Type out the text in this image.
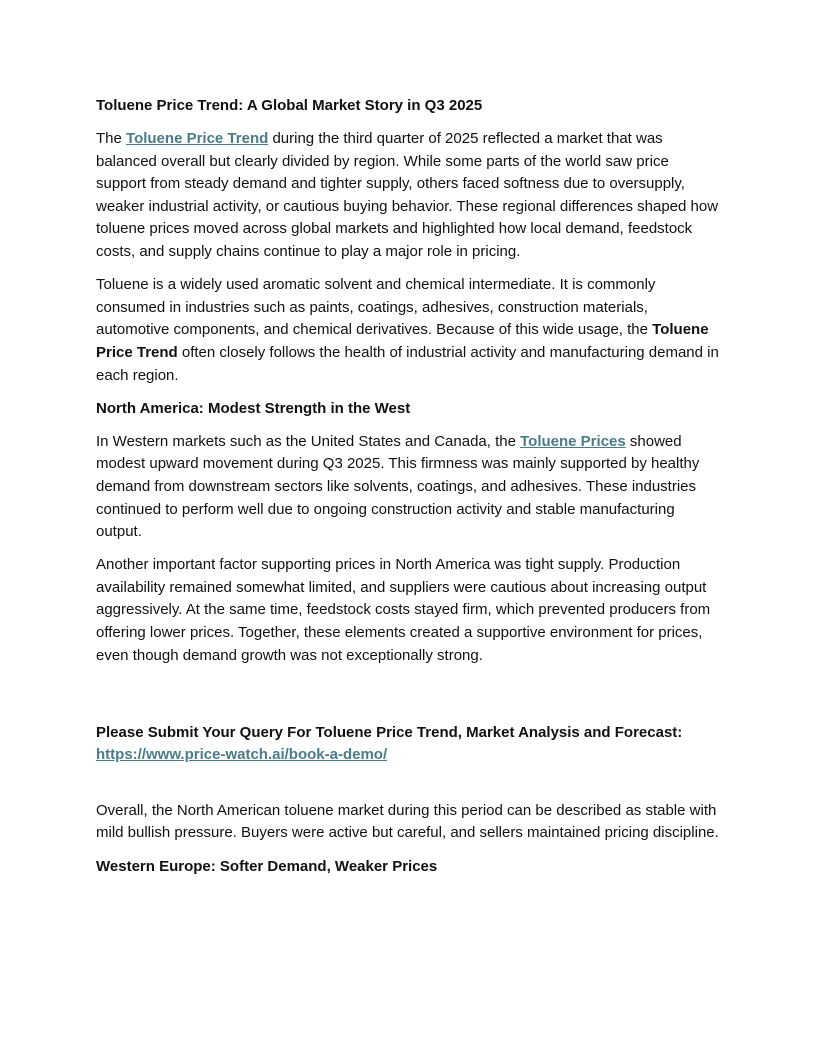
Toluene Price Trend: A Global Market Story in Q3 2025

The Toluene Price Trend during the third quarter of 2025 reflected a market that was balanced overall but clearly divided by region. While some parts of the world saw price support from steady demand and tighter supply, others faced softness due to oversupply, weaker industrial activity, or cautious buying behavior. These regional differences shaped how toluene prices moved across global markets and highlighted how local demand, feedstock costs, and supply chains continue to play a major role in pricing.

Toluene is a widely used aromatic solvent and chemical intermediate. It is commonly consumed in industries such as paints, coatings, adhesives, construction materials, automotive components, and chemical derivatives. Because of this wide usage, the Toluene Price Trend often closely follows the health of industrial activity and manufacturing demand in each region.

North America: Modest Strength in the West

In Western markets such as the United States and Canada, the Toluene Prices showed modest upward movement during Q3 2025. This firmness was mainly supported by healthy demand from downstream sectors like solvents, coatings, and adhesives. These industries continued to perform well due to ongoing construction activity and stable manufacturing output.

Another important factor supporting prices in North America was tight supply. Production availability remained somewhat limited, and suppliers were cautious about increasing output aggressively. At the same time, feedstock costs stayed firm, which prevented producers from offering lower prices. Together, these elements created a supportive environment for prices, even though demand growth was not exceptionally strong.

Please Submit Your Query For Toluene Price Trend, Market Analysis and Forecast: https://www.price-watch.ai/book-a-demo/

Overall, the North American toluene market during this period can be described as stable with mild bullish pressure. Buyers were active but careful, and sellers maintained pricing discipline.

Western Europe: Softer Demand, Weaker Prices
